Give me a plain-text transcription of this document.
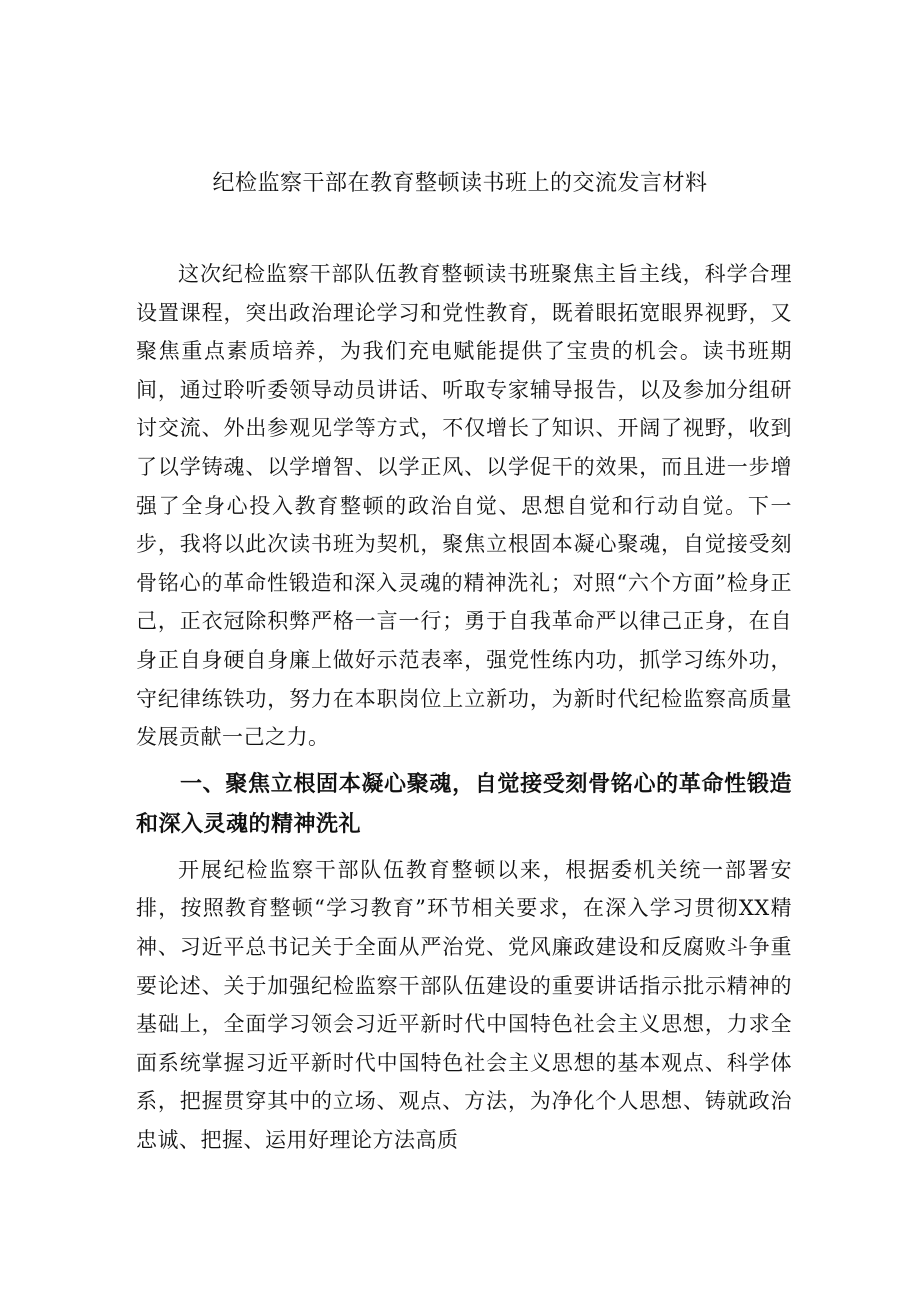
纪检监察干部在教育整顿读书班上的交流发言材料

这次纪检监察干部队伍教育整顿读书班聚焦主旨主线，科学合理设置课程，突出政治理论学习和党性教育，既着眼拓宽眼界视野，又聚焦重点素质培养，为我们充电赋能提供了宝贵的机会。读书班期间，通过聆听委领导动员讲话、听取专家辅导报告，以及参加分组研讨交流、外出参观见学等方式，不仅增长了知识、开阔了视野，收到了以学铸魂、以学增智、以学正风、以学促干的效果，而且进一步增强了全身心投入教育整顿的政治自觉、思想自觉和行动自觉。下一步，我将以此次读书班为契机，聚焦立根固本凝心聚魂，自觉接受刻骨铭心的革命性锻造和深入灵魂的精神洗礼；对照“六个方面”检身正己，正衣冠除积弊严格一言一行；勇于自我革命严以律己正身，在自身正自身硬自身廉上做好示范表率，强党性练内功，抓学习练外功，守纪律练铁功，努力在本职岗位上立新功，为新时代纪检监察高质量发展贡献一己之力。

一、聚焦立根固本凝心聚魂，自觉接受刻骨铭心的革命性锻造和深入灵魂的精神洗礼

开展纪检监察干部队伍教育整顿以来，根据委机关统一部署安排，按照教育整顿“学习教育”环节相关要求，在深入学习贯彻XX精神、习近平总书记关于全面从严治党、党风廉政建设和反腐败斗争重要论述、关于加强纪检监察干部队伍建设的重要讲话指示批示精神的基础上，全面学习领会习近平新时代中国特色社会主义思想，力求全面系统掌握习近平新时代中国特色社会主义思想的基本观点、科学体系，把握贯穿其中的立场、观点、方法，为净化个人思想、铸就政治忠诚、把握、运用好理论方法高质
